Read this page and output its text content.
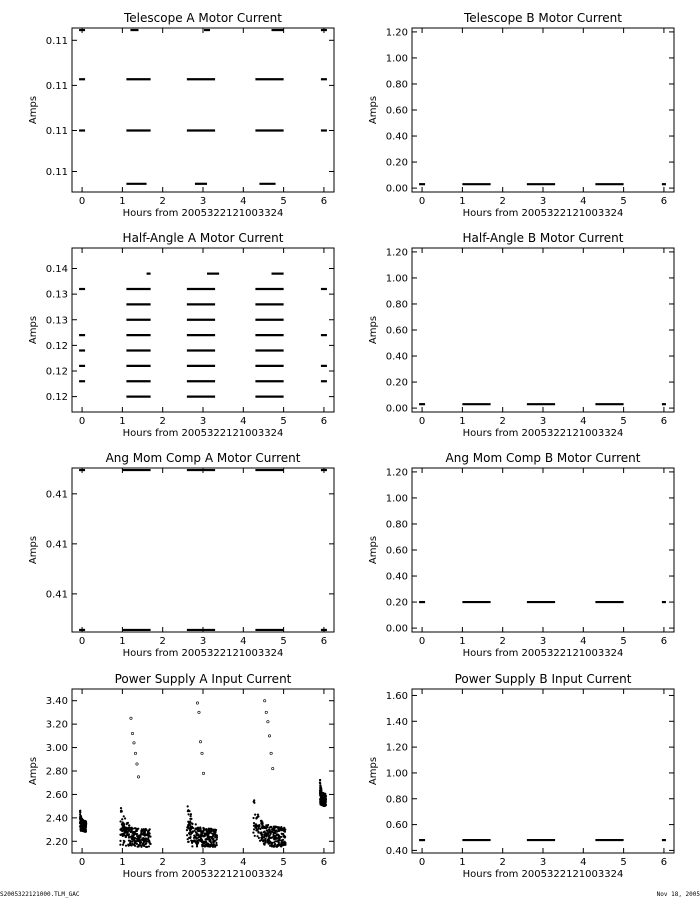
Telescope A Motor Current
0	1	2	3	4	5	6
0.11
0.11
0.11
0.11
Hours from 2005322121003324
Amps
Telescope B Motor Current
0	1	2	3	4	5	6
0.00
0.20
0.40
0.60
0.80
1.00
1.20
Hours from 2005322121003324
Amps
Half-Angle A Motor Current
0	1	2	3	4	5	6
0.12
0.12
0.12
0.13
0.13
0.14
Hours from 2005322121003324
Amps
Half-Angle B Motor Current
0	1	2	3	4	5	6
0.00
0.20
0.40
0.60
0.80
1.00
1.20
Hours from 2005322121003324
Amps
Ang Mom Comp A Motor Current
0	1	2	3	4	5	6
0.41
0.41
0.41
Hours from 2005322121003324
Amps
Ang Mom Comp B Motor Current
0	1	2	3	4	5	6
0.00
0.20
0.40
0.60
0.80
1.00
1.20
Hours from 2005322121003324
Amps
Power Supply A Input Current
0	1	2	3	4	5	6
2.20
2.40
2.60
2.80
3.00
3.20
3.40
Hours from 2005322121003324
Amps
Power Supply B Input Current
0	1	2	3	4	5	6
0.40
0.60
0.80
1.00
1.20
1.40
1.60
Hours from 2005322121003324
Amps
S2005322121000.TLM_GAC	Nov 18, 2005
